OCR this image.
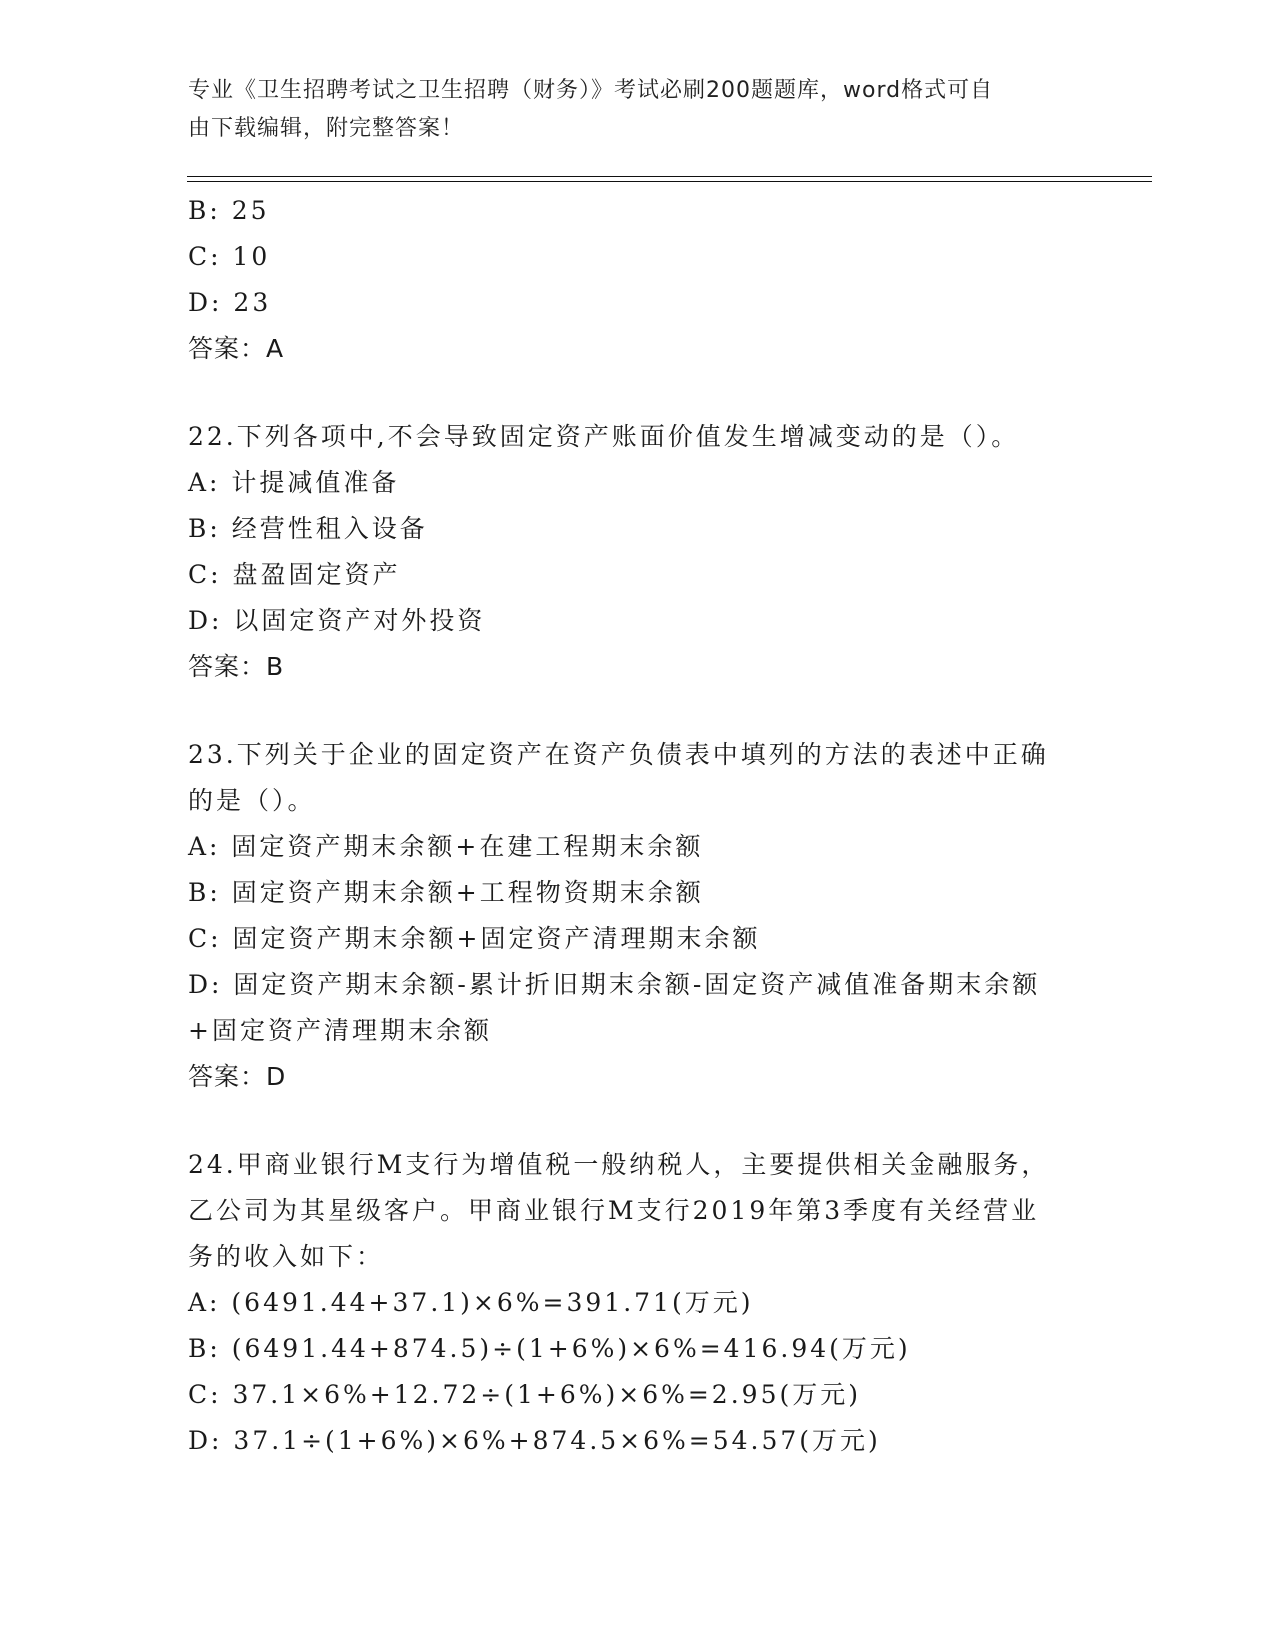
专业《卫生招聘考试之卫生招聘（财务）》考试必刷200题题库，word格式可自
由下载编辑，附完整答案！
B: 25
C: 10
D: 23
答案：A
22.下列各项中,不会导致固定资产账面价值发生增减变动的是（）。
A: 计提减值准备
B: 经营性租入设备
C: 盘盈固定资产
D: 以固定资产对外投资
答案：B
23.下列关于企业的固定资产在资产负债表中填列的方法的表述中正确
的是（）。
A: 固定资产期末余额+在建工程期末余额
B: 固定资产期末余额+工程物资期末余额
C: 固定资产期末余额+固定资产清理期末余额
D: 固定资产期末余额-累计折旧期末余额-固定资产减值准备期末余额
+固定资产清理期末余额
答案：D
24.甲商业银行M支行为增值税一般纳税人，主要提供相关金融服务，
乙公司为其星级客户。甲商业银行M支行2019年第3季度有关经营业
务的收入如下：
A: (6491.44+37.1)×6%=391.71(万元)
B: (6491.44+874.5)÷(1+6%)×6%=416.94(万元)
C: 37.1×6%+12.72÷(1+6%)×6%=2.95(万元)
D: 37.1÷(1+6%)×6%+874.5×6%=54.57(万元)
